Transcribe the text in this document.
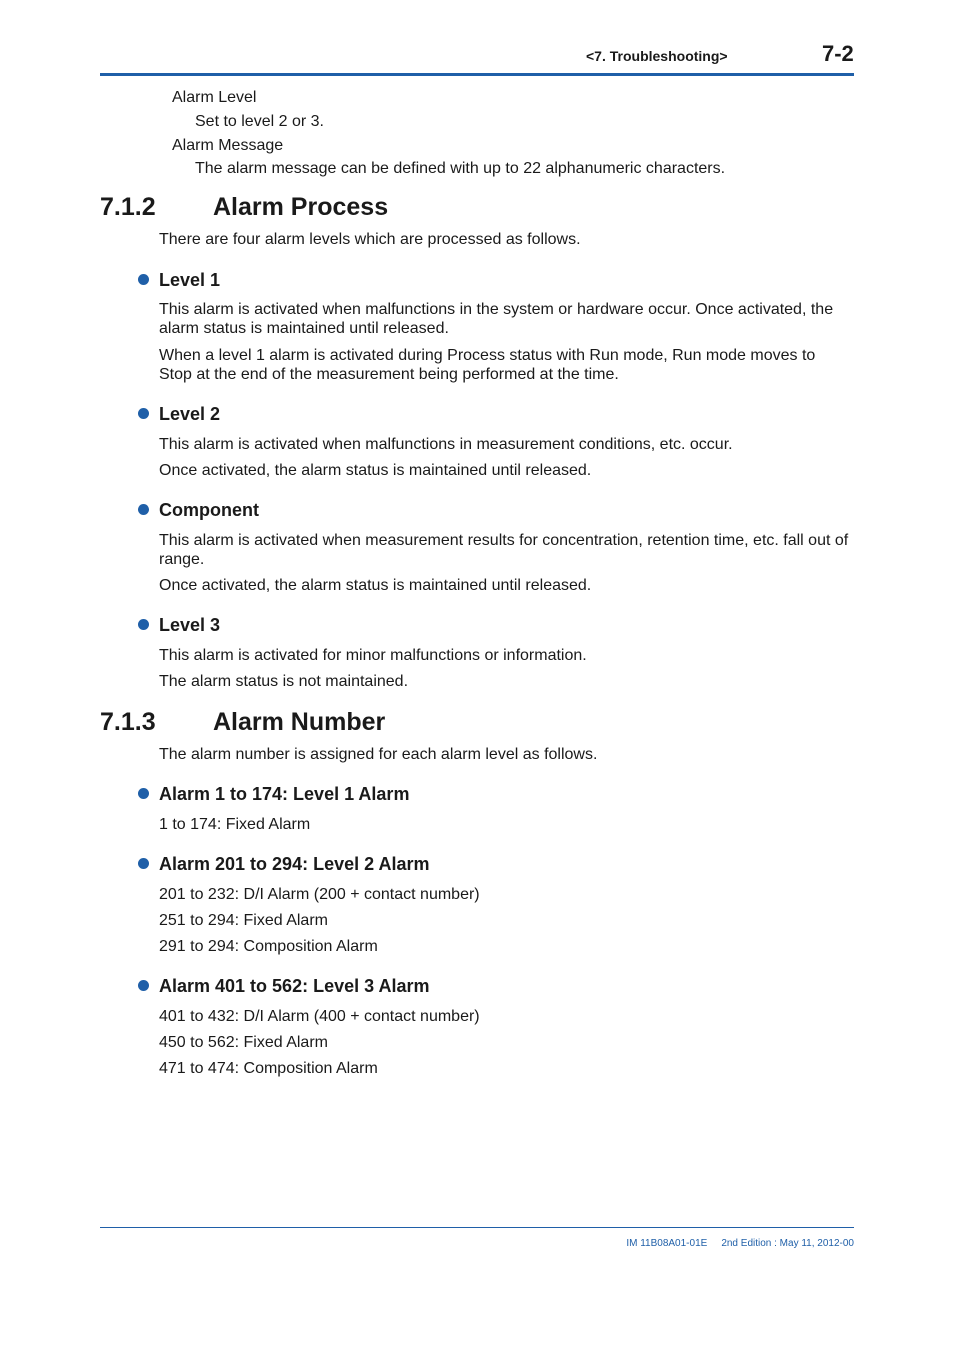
<7. Troubleshooting>	7-2
Alarm Level
Set to level 2 or 3.
Alarm Message
The alarm message can be defined with up to 22 alphanumeric characters.
7.1.2 Alarm Process
There are four alarm levels which are processed as follows.
Level 1
This alarm is activated when malfunctions in the system or hardware occur. Once activated, the alarm status is maintained until released.
When a level 1 alarm is activated during Process status with Run mode, Run mode moves to Stop at the end of the measurement being performed at the time.
Level 2
This alarm is activated when malfunctions in measurement conditions, etc. occur.
Once activated, the alarm status is maintained until released.
Component
This alarm is activated when measurement results for concentration, retention time, etc. fall out of range.
Once activated, the alarm status is maintained until released.
Level 3
This alarm is activated for minor malfunctions or information.
The alarm status is not maintained.
7.1.3 Alarm Number
The alarm number is assigned for each alarm level as follows.
Alarm 1 to 174: Level 1 Alarm
1 to 174: Fixed Alarm
Alarm 201 to 294: Level 2 Alarm
201 to 232: D/I Alarm (200 + contact number)
251 to 294: Fixed Alarm
291 to 294: Composition Alarm
Alarm 401 to 562: Level 3 Alarm
401 to 432: D/I Alarm (400 + contact number)
450 to 562: Fixed Alarm
471 to 474: Composition Alarm
IM 11B08A01-01E 2nd Edition : May 11, 2012-00
